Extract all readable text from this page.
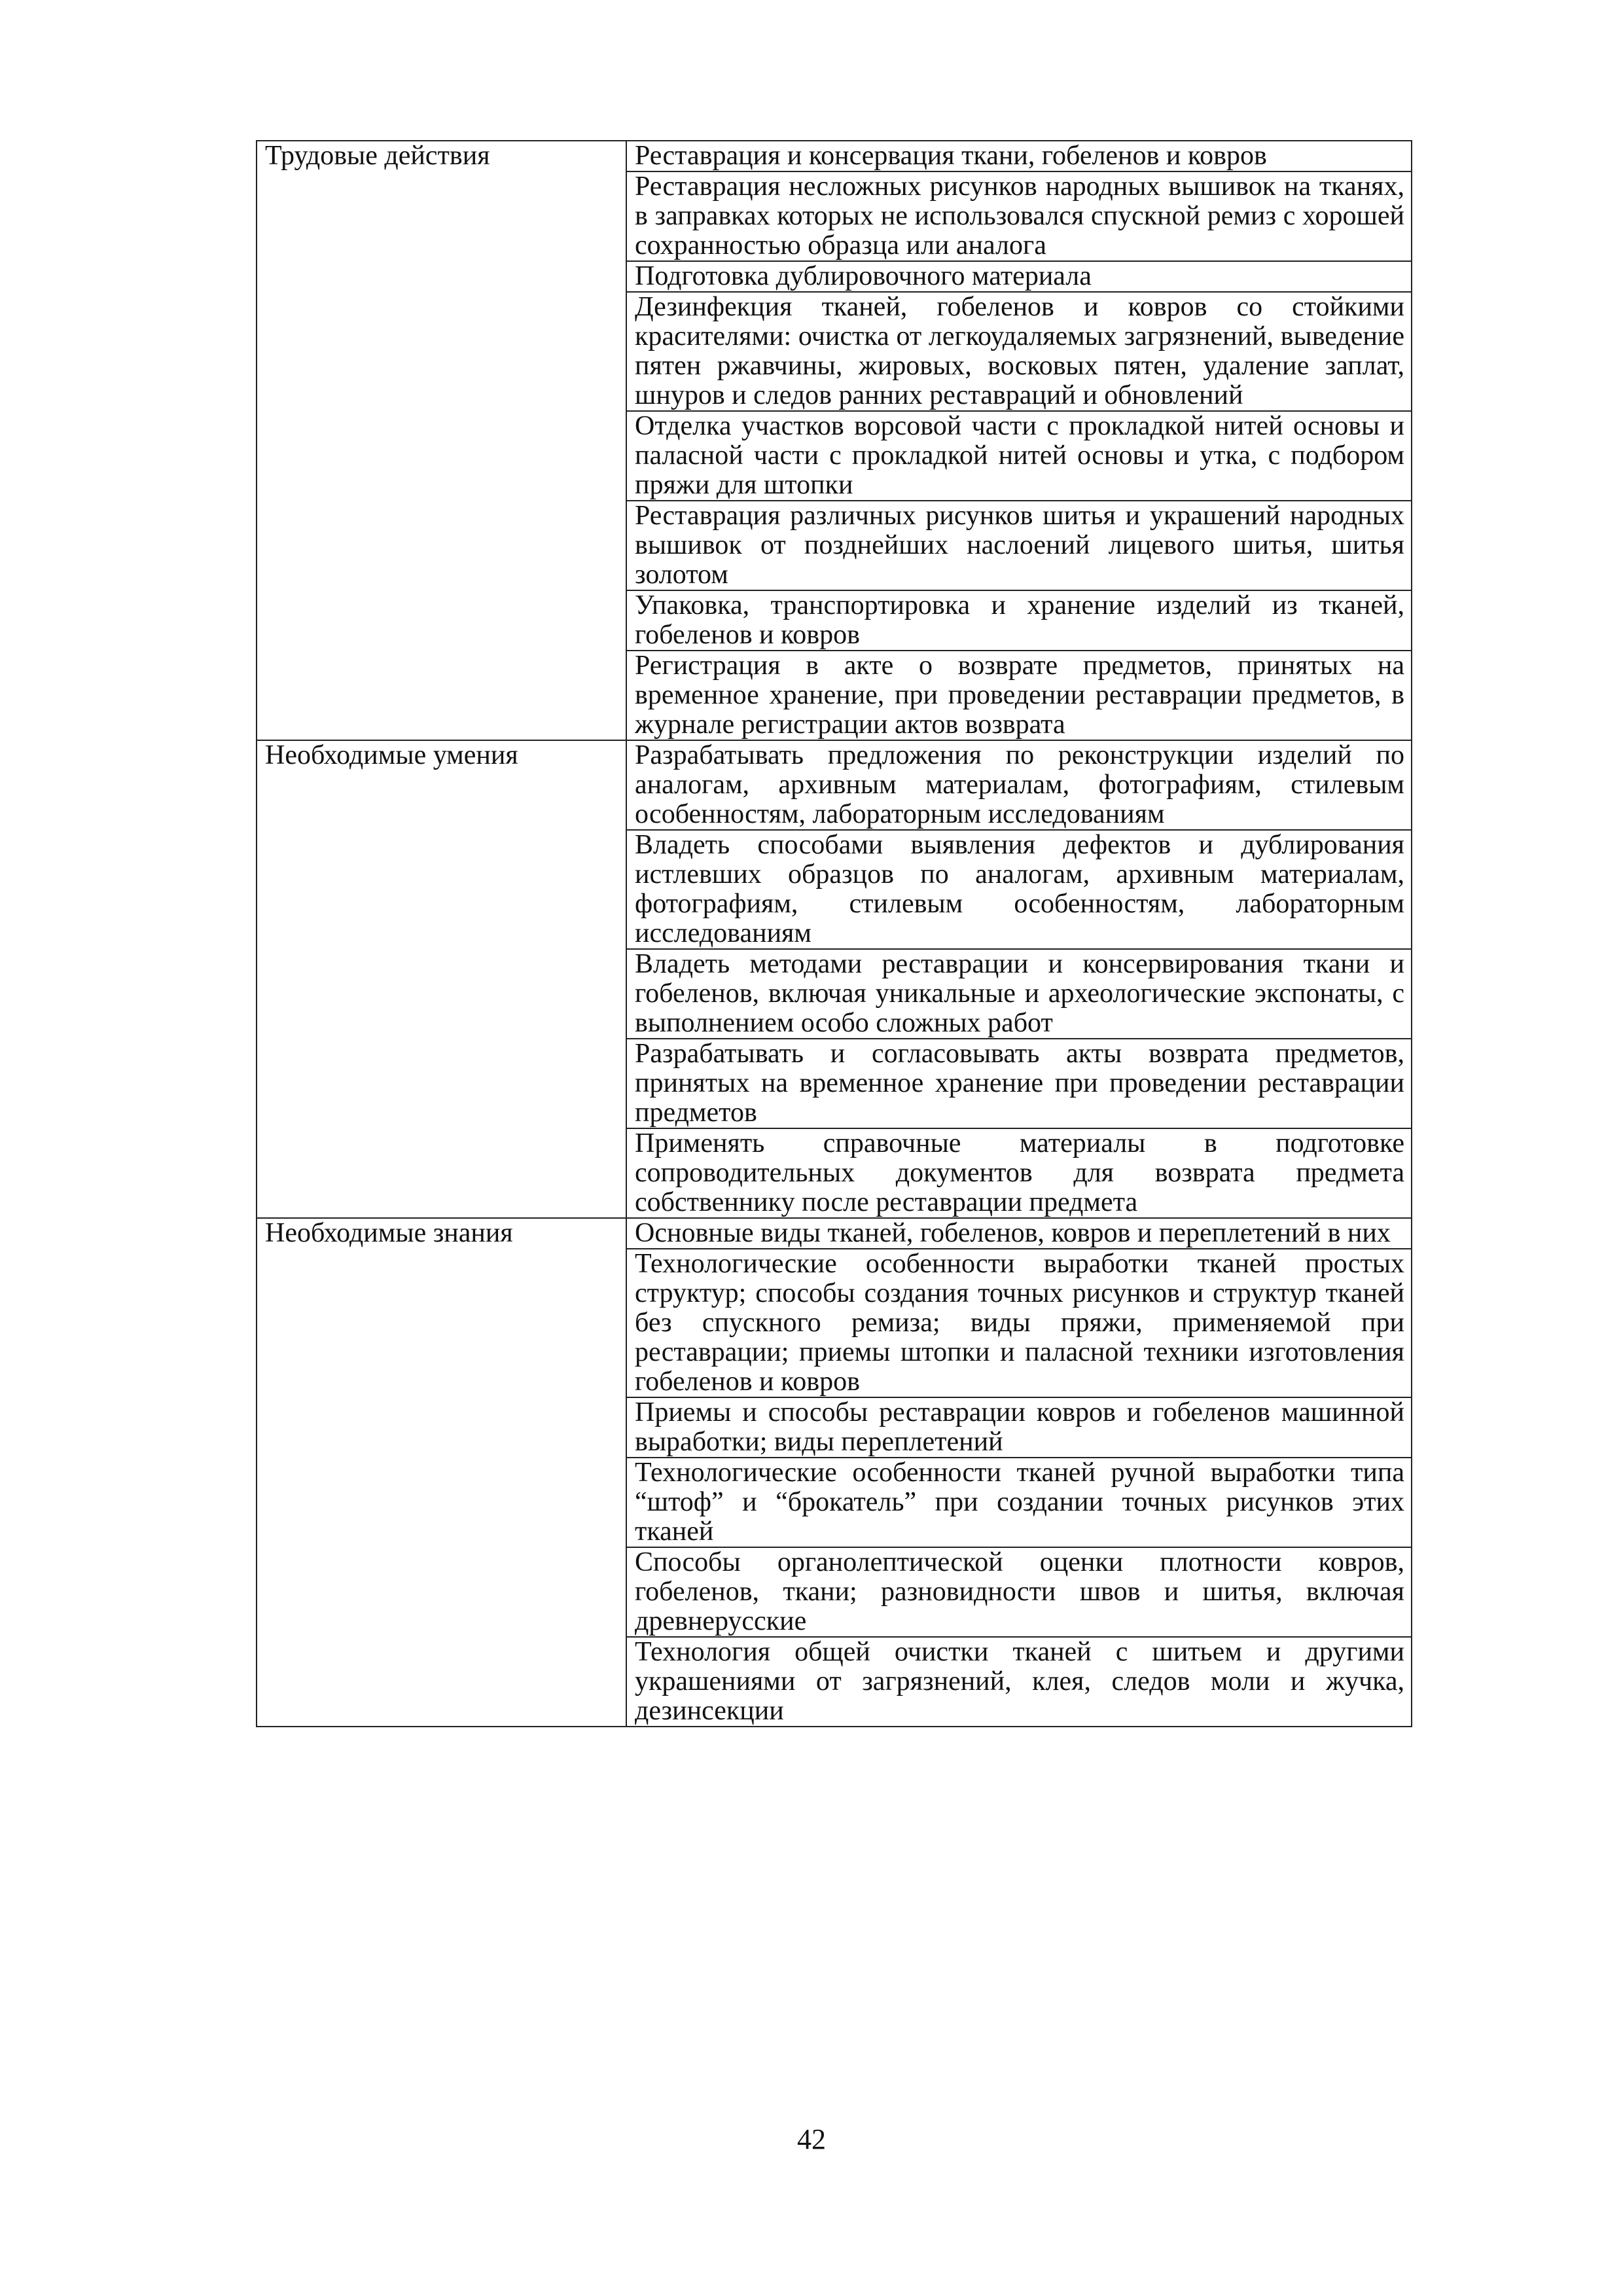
Трудовые действия	Реставрация и консервация ткани, гобеленов и ковров
	Реставрация несложных рисунков народных вышивок на тканях, в заправках которых не использовался спускной ремиз с хорошей сохранностью образца или аналога
	Подготовка дублировочного материала
	Дезинфекция тканей, гобеленов и ковров со стойкими красителями: очистка от легкоудаляемых загрязнений, выведение пятен ржавчины, жировых, восковых пятен, удаление заплат, шнуров и следов ранних реставраций и обновлений
	Отделка участков ворсовой части с прокладкой нитей основы и паласной части с прокладкой нитей основы и утка, с подбором пряжи для штопки
	Реставрация различных рисунков шитья и украшений народных вышивок от позднейших наслоений лицевого шитья, шитья золотом
	Упаковка, транспортировка и хранение изделий из тканей, гобеленов и ковров
	Регистрация в акте о возврате предметов, принятых на временное хранение, при проведении реставрации предметов, в журнале регистрации актов возврата
Необходимые умения	Разрабатывать предложения по реконструкции изделий по аналогам, архивным материалам, фотографиям, стилевым особенностям, лабораторным исследованиям
	Владеть способами выявления дефектов и дублирования истлевших образцов по аналогам, архивным материалам, фотографиям, стилевым особенностям, лабораторным исследованиям
	Владеть методами реставрации и консервирования ткани и гобеленов, включая уникальные и археологические экспонаты, с выполнением особо сложных работ
	Разрабатывать и согласовывать акты возврата предметов, принятых на временное хранение при проведении реставрации предметов
	Применять справочные материалы в подготовке сопроводительных документов для возврата предмета собственнику после реставрации предмета
Необходимые знания	Основные виды тканей, гобеленов, ковров и переплетений в них
	Технологические особенности выработки тканей простых структур; способы создания точных рисунков и структур тканей без спускного ремиза; виды пряжи, применяемой при реставрации; приемы штопки и паласной техники изготовления гобеленов и ковров
	Приемы и способы реставрации ковров и гобеленов машинной выработки; виды переплетений
	Технологические особенности тканей ручной выработки типа “штоф” и “брокатель” при создании точных рисунков этих тканей
	Способы органолептической оценки плотности ковров, гобеленов, ткани; разновидности швов и шитья, включая древнерусские
	Технология общей очистки тканей с шитьем и другими украшениями от загрязнений, клея, следов моли и жучка, дезинсекции
42
